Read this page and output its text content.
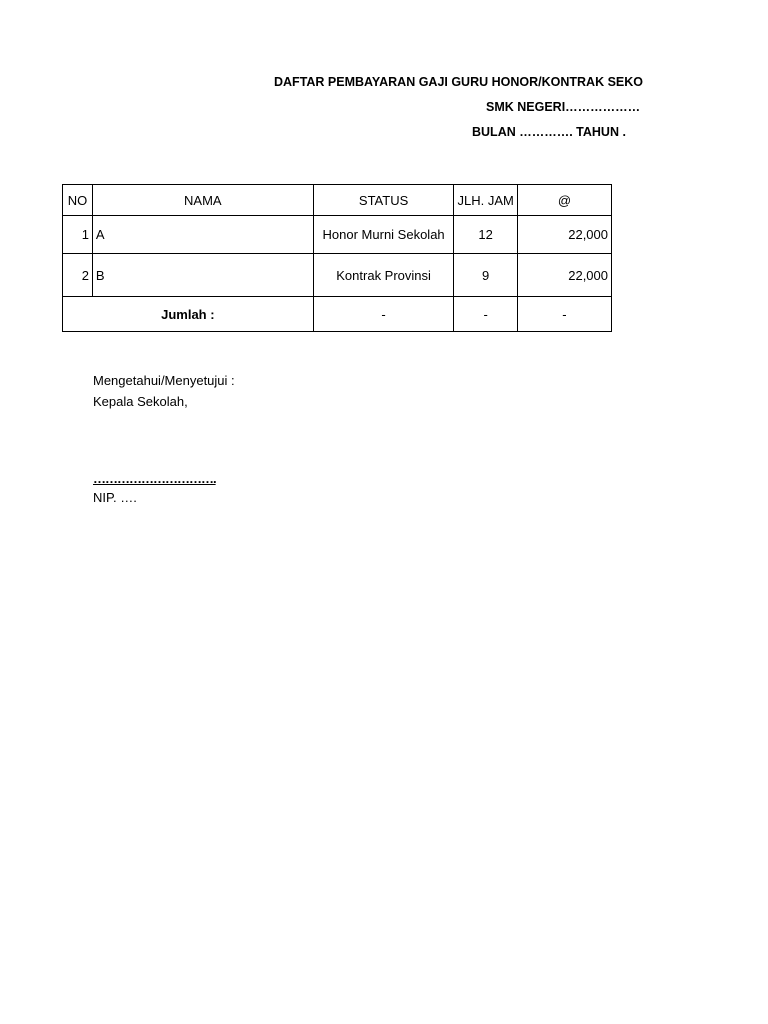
DAFTAR PEMBAYARAN GAJI GURU HONOR/KONTRAK SEKO
SMK NEGERI………………
BULAN …………. TAHUN .
NO	NAMA	STATUS	JLH. JAM	@
1	A	Honor Murni Sekolah	12	22,000
2	B	Kontrak Provinsi	9	22,000
Jumlah :		-	-	-
Mengetahui/Menyetujui :
Kepala Sekolah,
………………………….
NIP. ….
